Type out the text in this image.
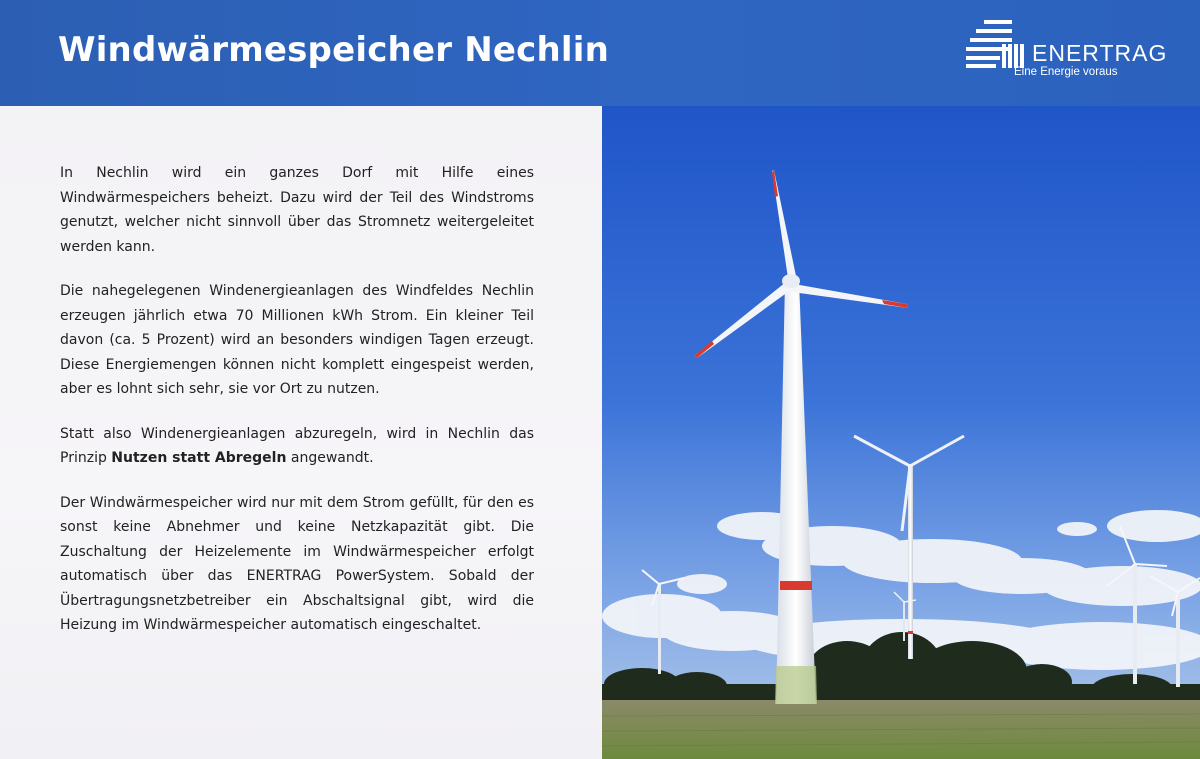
Windwärmespeicher Nechlin	ENERTRAG
Eine Energie voraus

In Nechlin wird ein ganzes Dorf mit Hilfe eines Windwärmespeichers beheizt. Dazu wird der Teil des Windstroms genutzt, welcher nicht sinnvoll über das Stromnetz weitergeleitet werden kann.

Die nahegelegenen Windenergieanlagen des Windfeldes Nechlin erzeugen jährlich etwa 70 Millionen kWh Strom. Ein kleiner Teil davon (ca. 5 Prozent) wird an besonders windigen Tagen erzeugt. Diese Energiemengen können nicht komplett eingespeist werden, aber es lohnt sich sehr, sie vor Ort zu nutzen.

Statt also Windenergieanlagen abzuregeln, wird in Nechlin das Prinzip Nutzen statt Abregeln angewandt.

Der Windwärmespeicher wird nur mit dem Strom gefüllt, für den es sonst keine Abnehmer und keine Netzkapazität gibt. Die Zuschaltung der Heizelemente im Windwärmespeicher erfolgt automatisch über das ENERTRAG PowerSystem. Sobald der Übertragungsnetzbetreiber ein Abschaltsignal gibt, wird die Heizung im Windwärmespeicher automatisch eingeschaltet.
